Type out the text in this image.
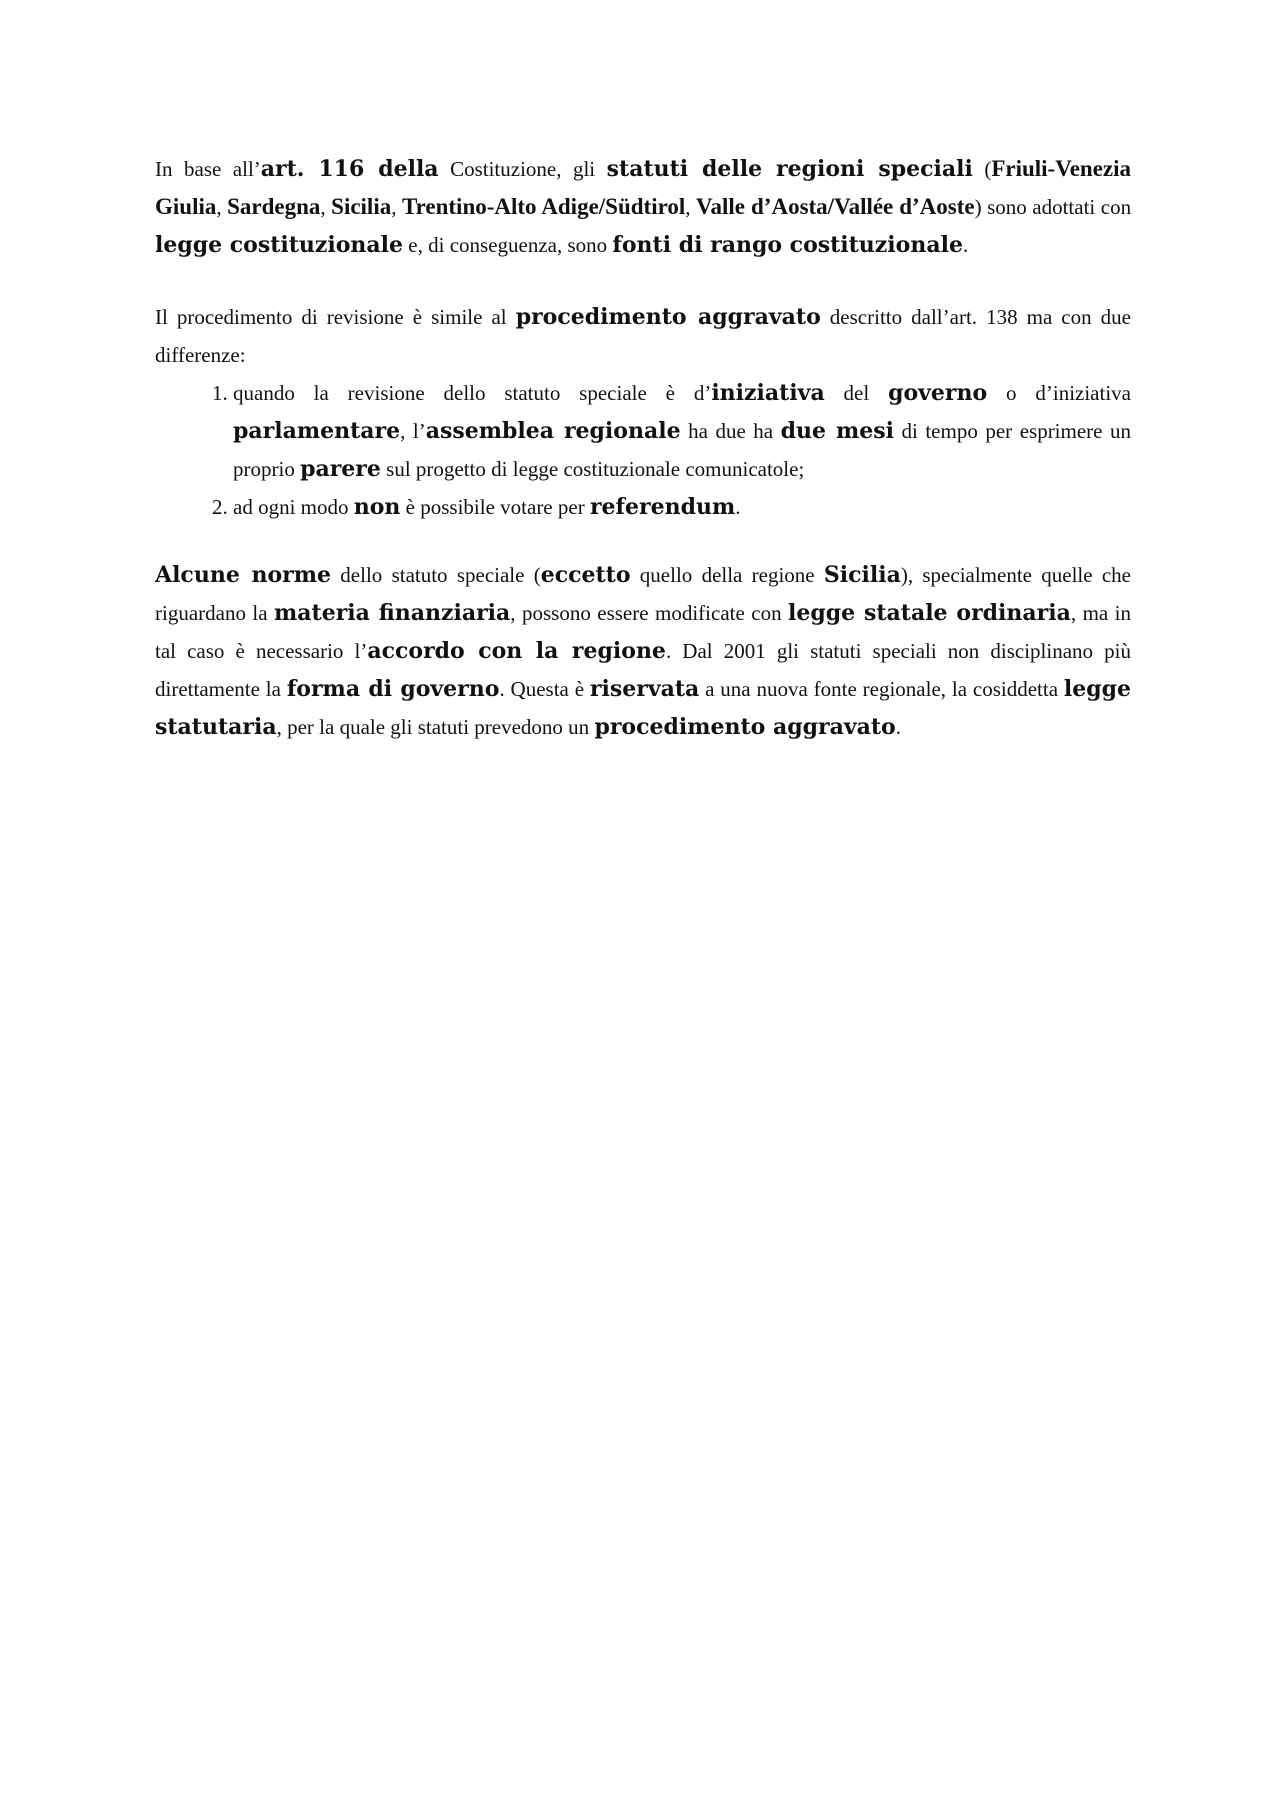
In base all’art. 116 della Costituzione, gli statuti delle regioni speciali (Friuli-Venezia Giulia, Sardegna, Sicilia, Trentino-Alto Adige/Südtirol, Valle d’Aosta/Vallée d’Aoste) sono adottati con legge costituzionale e, di conseguenza, sono fonti di rango costituzionale.

Il procedimento di revisione è simile al procedimento aggravato descritto dall’art. 138 ma con due differenze:

1. quando la revisione dello statuto speciale è d’iniziativa del governo o d’iniziativa parlamentare, l’assemblea regionale ha due ha due mesi di tempo per esprimere un proprio parere sul progetto di legge costituzionale comunicatole;
2. ad ogni modo non è possibile votare per referendum.

Alcune norme dello statuto speciale (eccetto quello della regione Sicilia), specialmente quelle che riguardano la materia finanziaria, possono essere modificate con legge statale ordinaria, ma in tal caso è necessario l’accordo con la regione. Dal 2001 gli statuti speciali non disciplinano più direttamente la forma di governo. Questa è riservata a una nuova fonte regionale, la cosiddetta legge statutaria, per la quale gli statuti prevedono un procedimento aggravato.
